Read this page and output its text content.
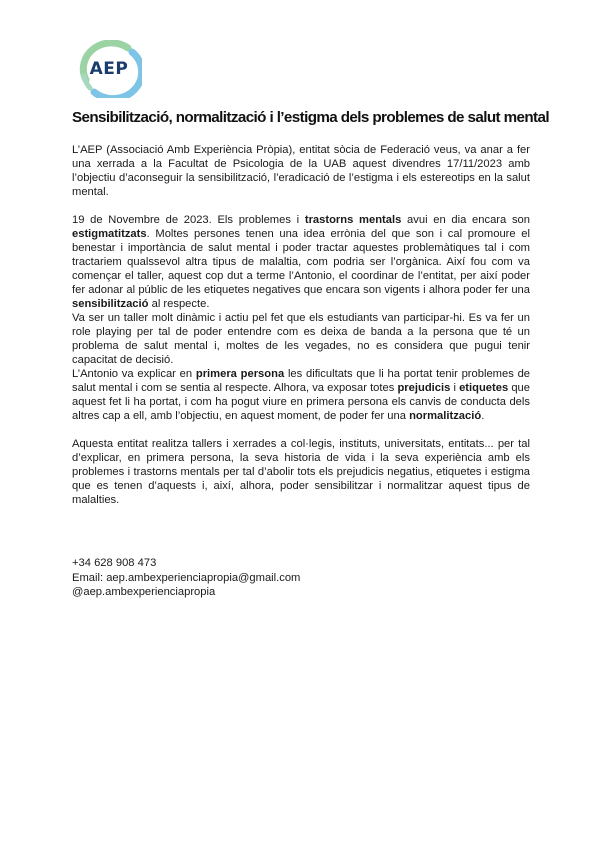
AEP
Sensibilització, normalització i l’estigma dels problemes de salut mental

L’AEP (Associació Amb Experiència Pròpia), entitat sòcia de Federació veus, va anar a fer una xerrada a la Facultat de Psicologia de la UAB aquest divendres 17/11/2023 amb l’objectiu d’aconseguir la sensibilització, l’eradicació de l’estigma i els estereotips en la salut mental.

19 de Novembre de 2023. Els problemes i trastorns mentals avui en dia encara son estigmatitzats. Moltes persones tenen una idea errònia del que son i cal promoure el benestar i importància de salut mental i poder tractar aquestes problemàtiques tal i com tractariem qualssevol altra tipus de malaltia, com podria ser l’orgànica. Així fou com va començar el taller, aquest cop dut a terme l’Antonio, el coordinar de l’entitat, per així poder fer adonar al públic de les etiquetes negatives que encara son vigents i alhora poder fer una sensibilització al respecte.

Va ser un taller molt dinàmic i actiu pel fet que els estudiants van participar-hi. Es va fer un role playing per tal de poder entendre com es deixa de banda a la persona que té un problema de salut mental i, moltes de les vegades, no es considera que pugui tenir capacitat de decisió.

L’Antonio va explicar en primera persona les dificultats que li ha portat tenir problemes de salut mental i com se sentia al respecte. Alhora, va exposar totes prejudicis i etiquetes que aquest fet li ha portat, i com ha pogut viure en primera persona els canvis de conducta dels altres cap a ell, amb l’objectiu, en aquest moment, de poder fer una normalització.

Aquesta entitat realitza tallers i xerrades a col·legis, instituts, universitats, entitats... per tal d’explicar, en primera persona, la seva historia de vida i la seva experiència amb els problemes i trastorns mentals per tal d’abolir tots els prejudicis negatius, etiquetes i estigma que es tenen d’aquests i, així, alhora, poder sensibilitzar i normalitzar aquest tipus de malalties.

+34 628 908 473
Email: aep.ambexperienciapropia@gmail.com
@aep.ambexperienciapropia
